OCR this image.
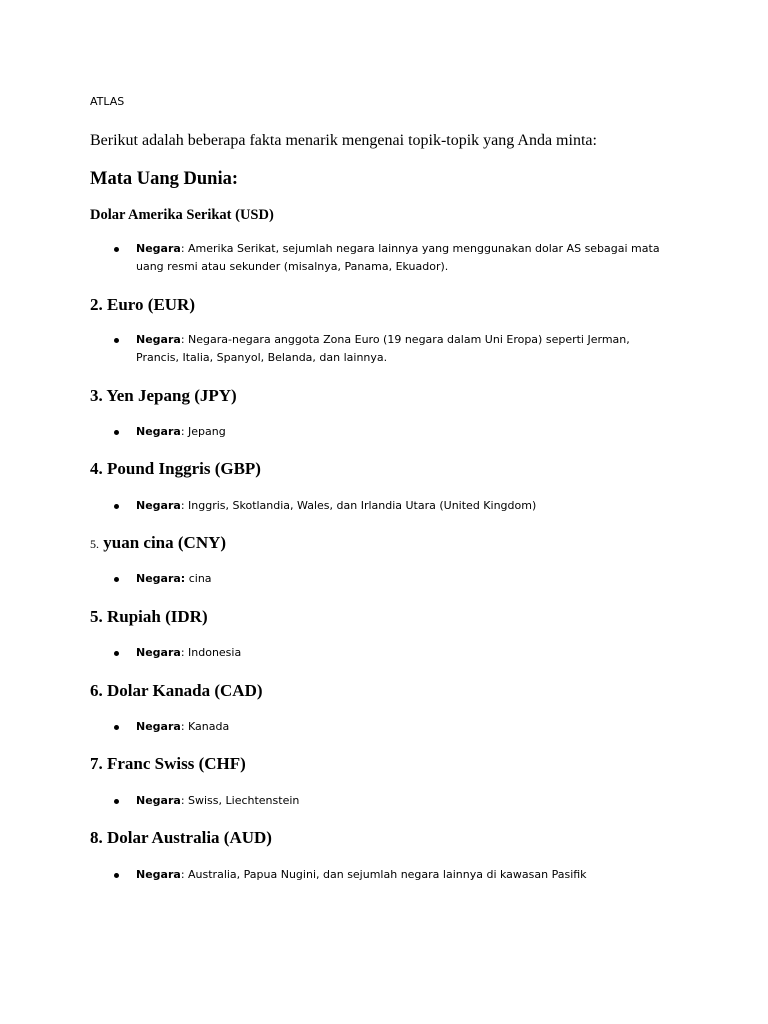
ATLAS
Berikut adalah beberapa fakta menarik mengenai topik-topik yang Anda minta:
Mata Uang Dunia:
Dolar Amerika Serikat (USD)
Negara: Amerika Serikat, sejumlah negara lainnya yang menggunakan dolar AS sebagai mata uang resmi atau sekunder (misalnya, Panama, Ekuador).
2. Euro (EUR)
Negara: Negara-negara anggota Zona Euro (19 negara dalam Uni Eropa) seperti Jerman, Prancis, Italia, Spanyol, Belanda, dan lainnya.
3. Yen Jepang (JPY)
Negara: Jepang
4. Pound Inggris (GBP)
Negara: Inggris, Skotlandia, Wales, dan Irlandia Utara (United Kingdom)
5. yuan cina (CNY)
Negara: cina
5. Rupiah (IDR)
Negara: Indonesia
6. Dolar Kanada (CAD)
Negara: Kanada
7. Franc Swiss (CHF)
Negara: Swiss, Liechtenstein
8. Dolar Australia (AUD)
Negara: Australia, Papua Nugini, dan sejumlah negara lainnya di kawasan Pasifik
